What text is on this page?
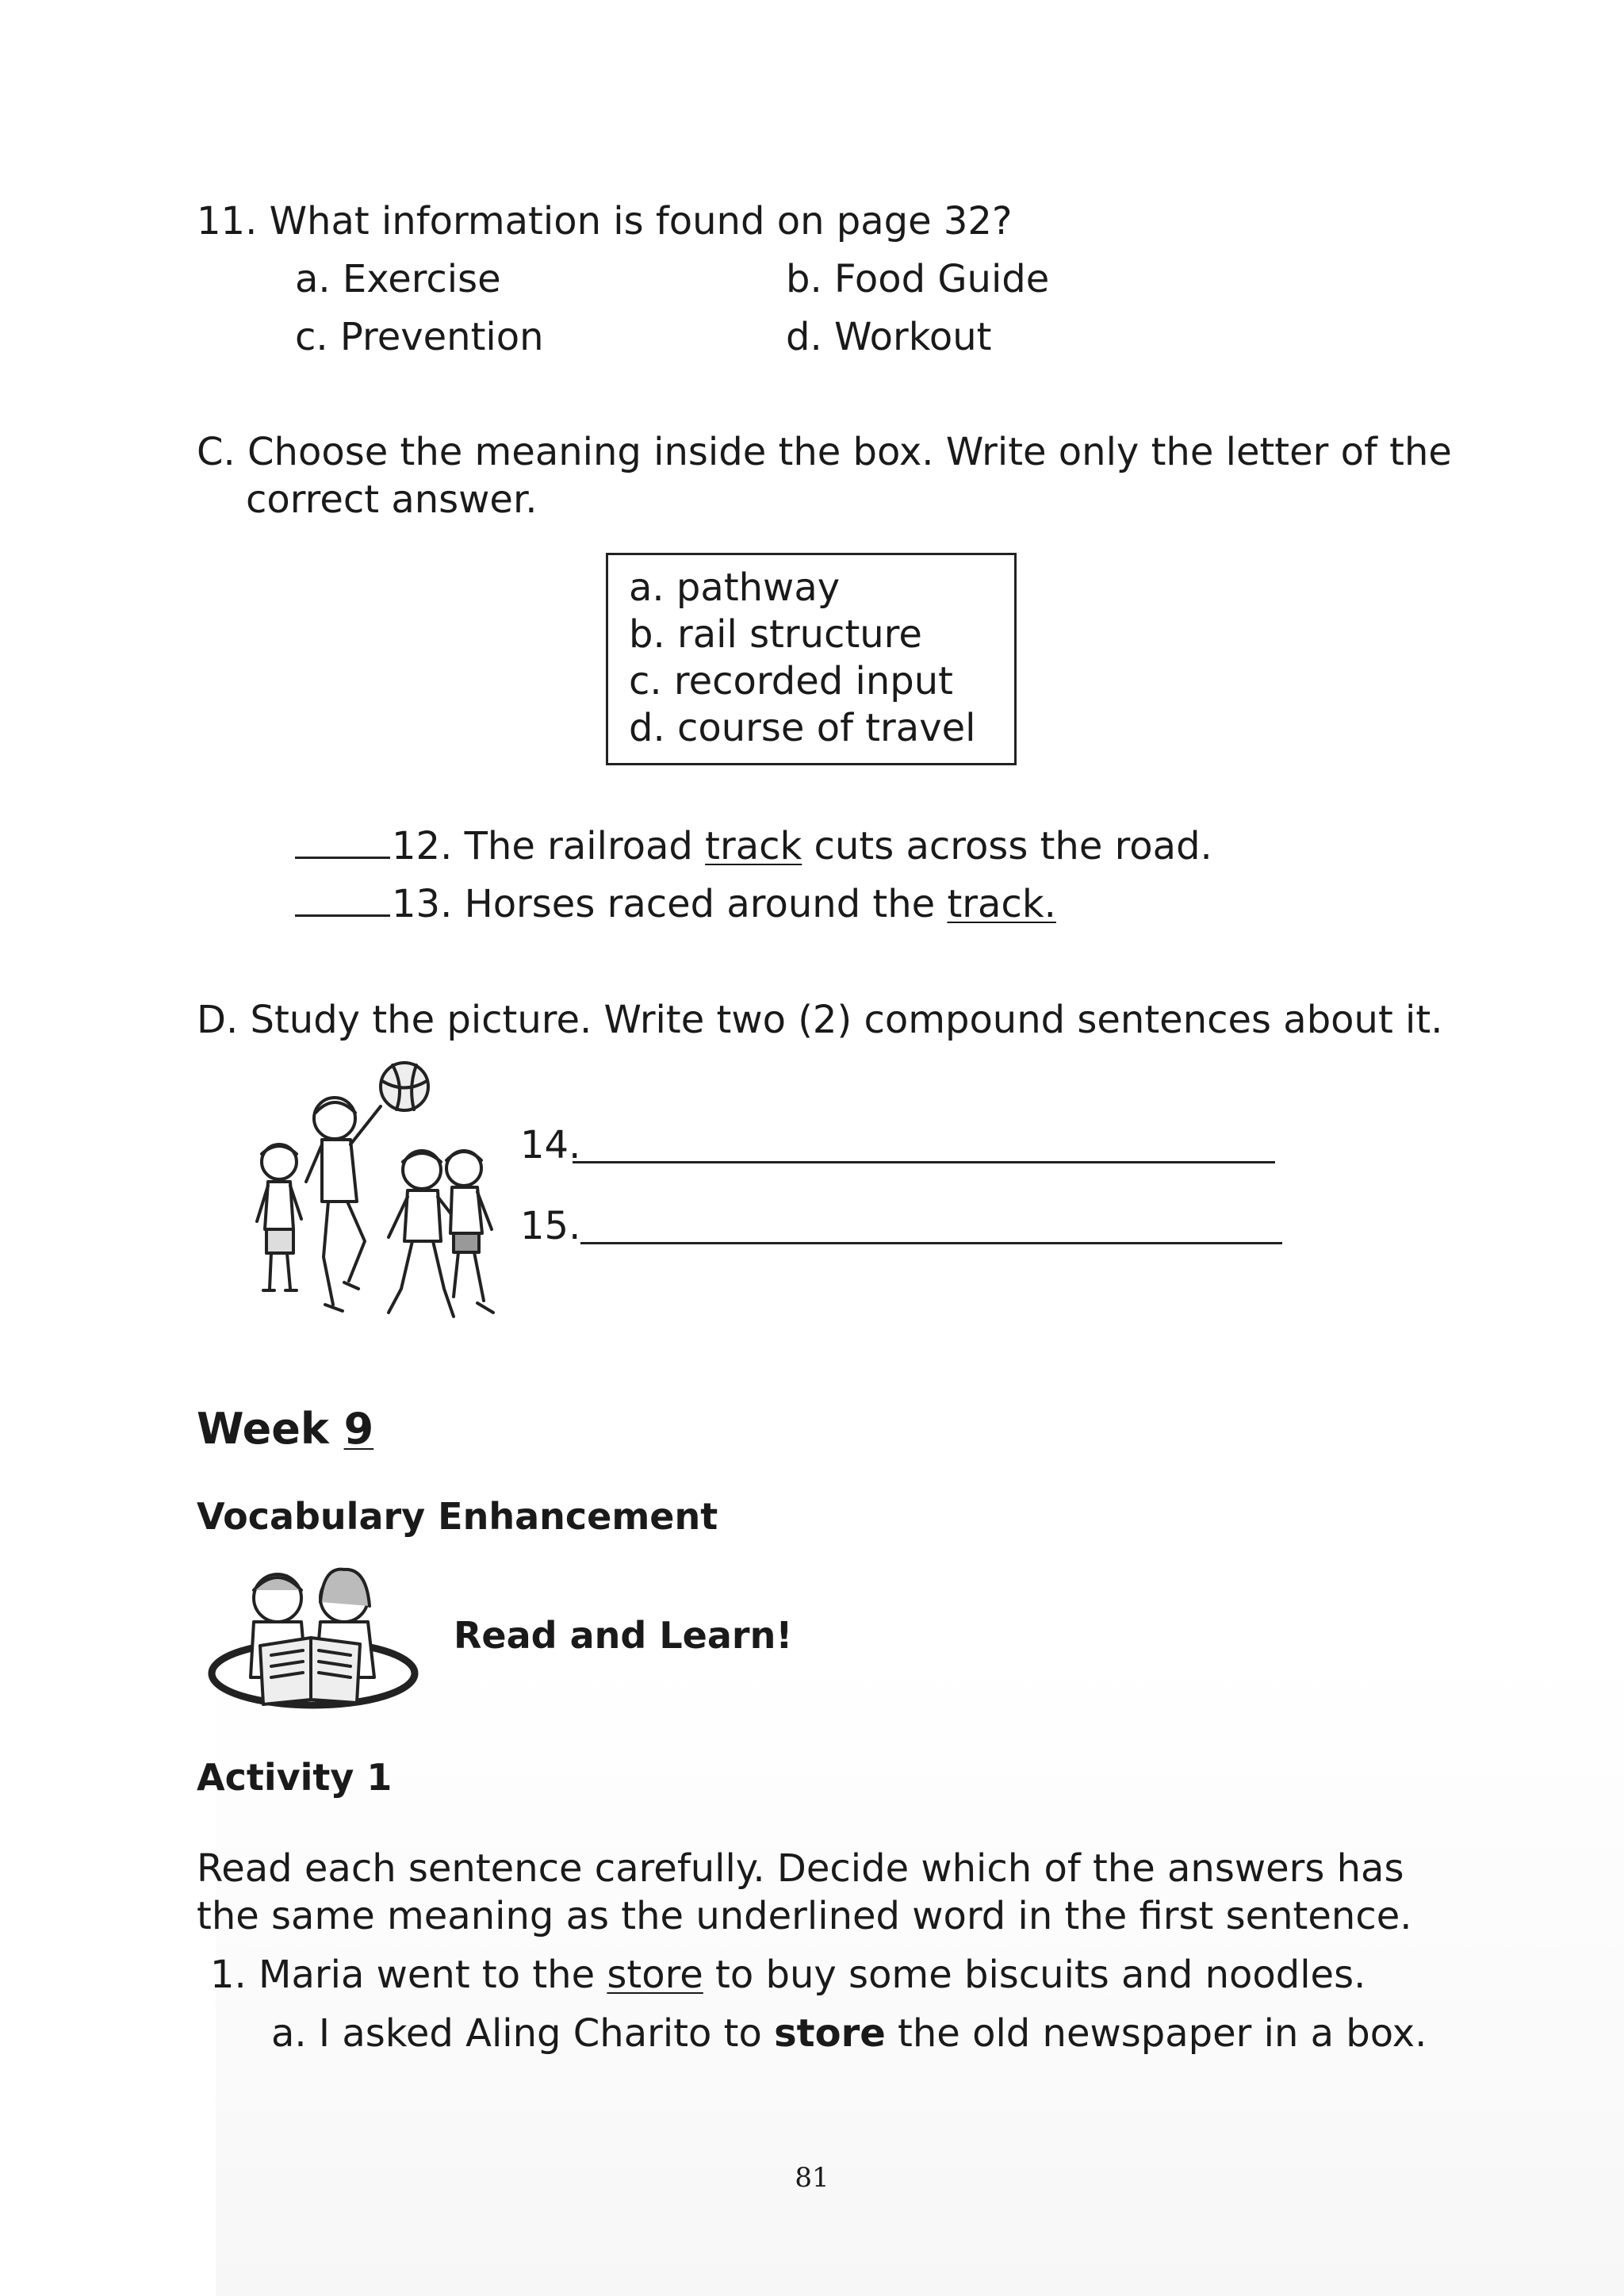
11. What information is found on page 32?
a. Exercise	b. Food Guide
c. Prevention	d. Workout
C. Choose the meaning inside the box. Write only the letter of the
correct answer.
a. pathway
b. rail structure
c. recorded input
d. course of travel
12. The railroad track cuts across the road.
13. Horses raced around the track.
D. Study the picture. Write two (2) compound sentences about it.
14.
15.
Week 9
Vocabulary Enhancement
Read and Learn!
Activity 1
Read each sentence carefully. Decide which of the answers has
the same meaning as the underlined word in the first sentence.
1. Maria went to the store to buy some biscuits and noodles.
a. I asked Aling Charito to store the old newspaper in a box.
81
